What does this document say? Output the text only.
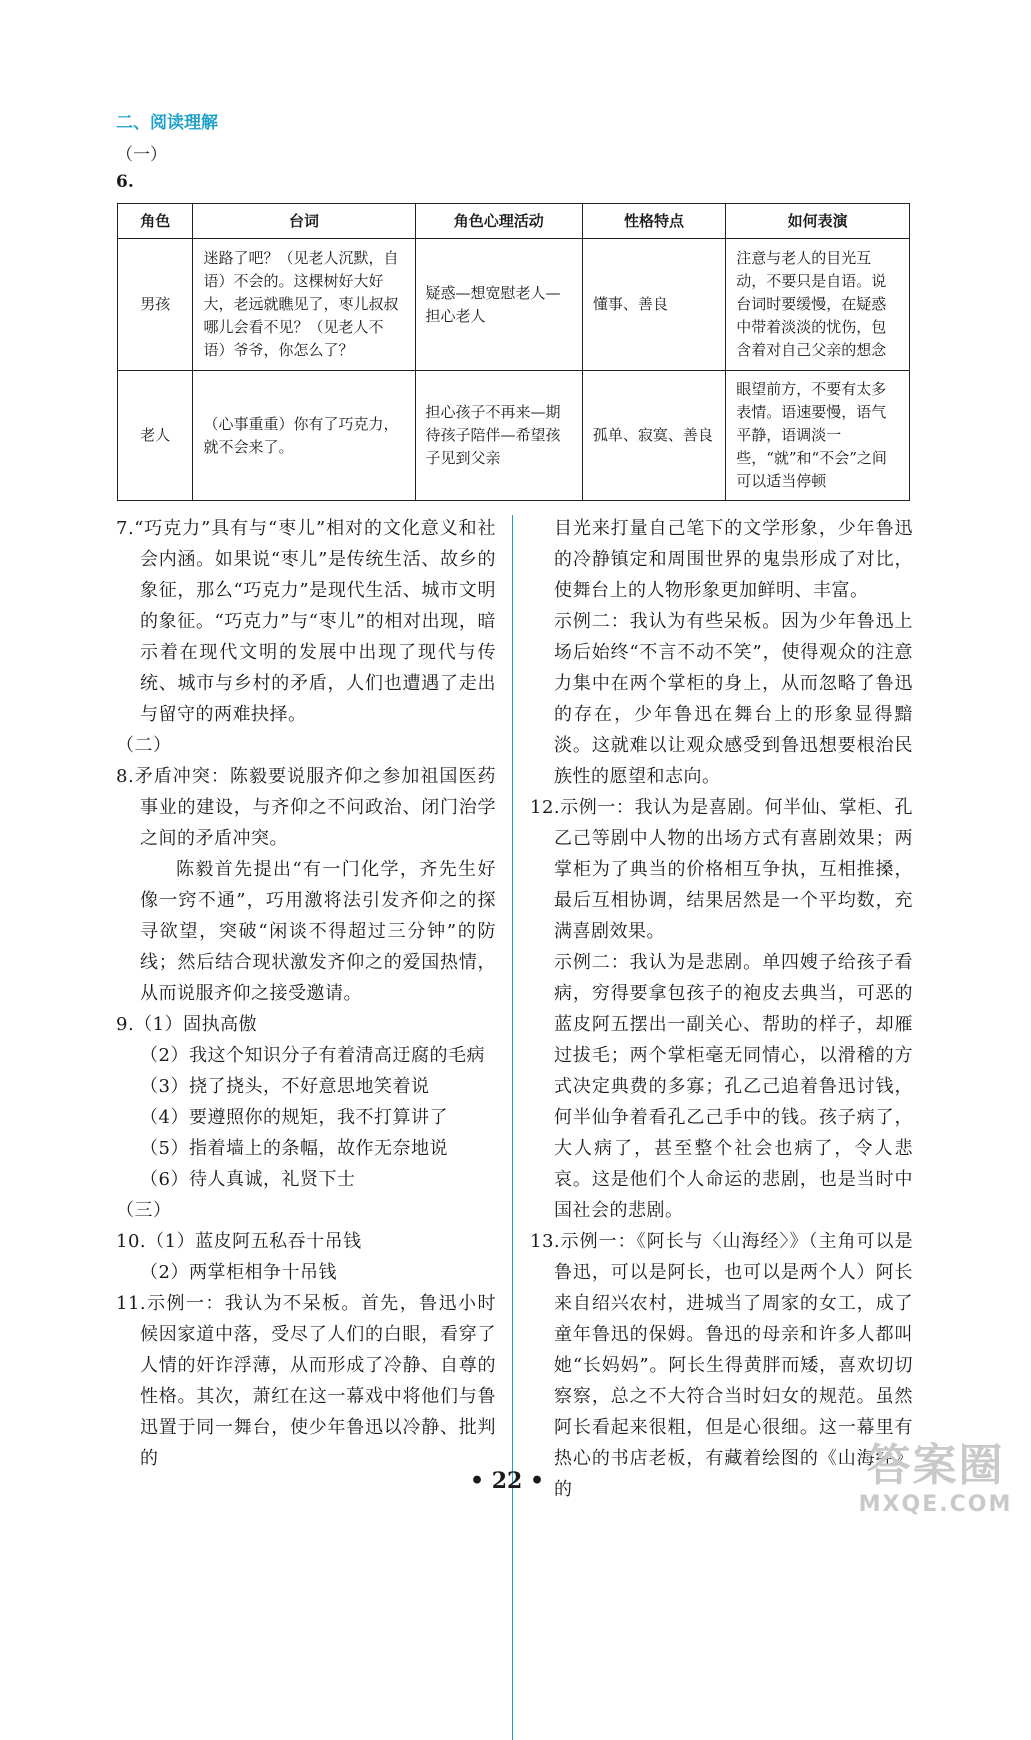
二、阅读理解
（一）
6.
角色	台词	角色心理活动	性格特点	如何表演
男孩	迷路了吧？（见老人沉默，自语）不会的。这棵树好大好大，老远就瞧见了，枣儿叔叔哪儿会看不见？（见老人不语）爷爷，你怎么了？	疑惑—想宽慰老人—担心老人	懂事、善良	注意与老人的目光互动，不要只是自语。说台词时要缓慢，在疑惑中带着淡淡的忧伤，包含着对自己父亲的想念
老人	（心事重重）你有了巧克力，就不会来了。	担心孩子不再来—期待孩子陪伴—希望孩子见到父亲	孤单、寂寞、善良	眼望前方，不要有太多表情。语速要慢，语气平静，语调淡一些，“就”和“不会”之间可以适当停顿

7.“巧克力”具有与“枣儿”相对的文化意义和社会内涵。如果说“枣儿”是传统生活、故乡的象征，那么“巧克力”是现代生活、城市文明的象征。“巧克力”与“枣儿”的相对出现，暗示着在现代文明的发展中出现了现代与传统、城市与乡村的矛盾，人们也遭遇了走出与留守的两难抉择。

（二）

8.矛盾冲突：陈毅要说服齐仰之参加祖国医药事业的建设，与齐仰之不问政治、闭门治学之间的矛盾冲突。

陈毅首先提出“有一门化学，齐先生好像一窍不通”，巧用激将法引发齐仰之的探寻欲望，突破“闲谈不得超过三分钟”的防线；然后结合现状激发齐仰之的爱国热情，从而说服齐仰之接受邀请。

9.（1）固执高傲

（2）我这个知识分子有着清高迂腐的毛病

（3）挠了挠头，不好意思地笑着说

（4）要遵照你的规矩，我不打算讲了

（5）指着墙上的条幅，故作无奈地说

（6）待人真诚，礼贤下士

（三）

10.（1）蓝皮阿五私吞十吊钱

（2）两掌柜相争十吊钱

11.示例一：我认为不呆板。首先，鲁迅小时候因家道中落，受尽了人们的白眼，看穿了人情的奸诈浮薄，从而形成了冷静、自尊的性格。其次，萧红在这一幕戏中将他们与鲁迅置于同一舞台，使少年鲁迅以冷静、批判的

目光来打量自己笔下的文学形象，少年鲁迅的冷静镇定和周围世界的鬼祟形成了对比，使舞台上的人物形象更加鲜明、丰富。

示例二：我认为有些呆板。因为少年鲁迅上场后始终“不言不动不笑”，使得观众的注意力集中在两个掌柜的身上，从而忽略了鲁迅的存在，少年鲁迅在舞台上的形象显得黯淡。这就难以让观众感受到鲁迅想要根治民族性的愿望和志向。

12.示例一：我认为是喜剧。何半仙、掌柜、孔乙己等剧中人物的出场方式有喜剧效果；两掌柜为了典当的价格相互争执，互相推搡，最后互相协调，结果居然是一个平均数，充满喜剧效果。

示例二：我认为是悲剧。单四嫂子给孩子看病，穷得要拿包孩子的袍皮去典当，可恶的蓝皮阿五摆出一副关心、帮助的样子，却雁过拔毛；两个掌柜毫无同情心，以滑稽的方式决定典费的多寡；孔乙己追着鲁迅讨钱，何半仙争着看孔乙己手中的钱。孩子病了，大人病了，甚至整个社会也病了，令人悲哀。这是他们个人命运的悲剧，也是当时中国社会的悲剧。

13.示例一：《阿长与〈山海经〉》（主角可以是鲁迅，可以是阿长，也可以是两个人）阿长来自绍兴农村，进城当了周家的女工，成了童年鲁迅的保姆。鲁迅的母亲和许多人都叫她“长妈妈”。阿长生得黄胖而矮，喜欢切切察察，总之不大符合当时妇女的规范。虽然阿长看起来很粗，但是心很细。这一幕里有热心的书店老板，有藏着绘图的《山海经》的

• 22 •	答案圈
MXQE.COM
